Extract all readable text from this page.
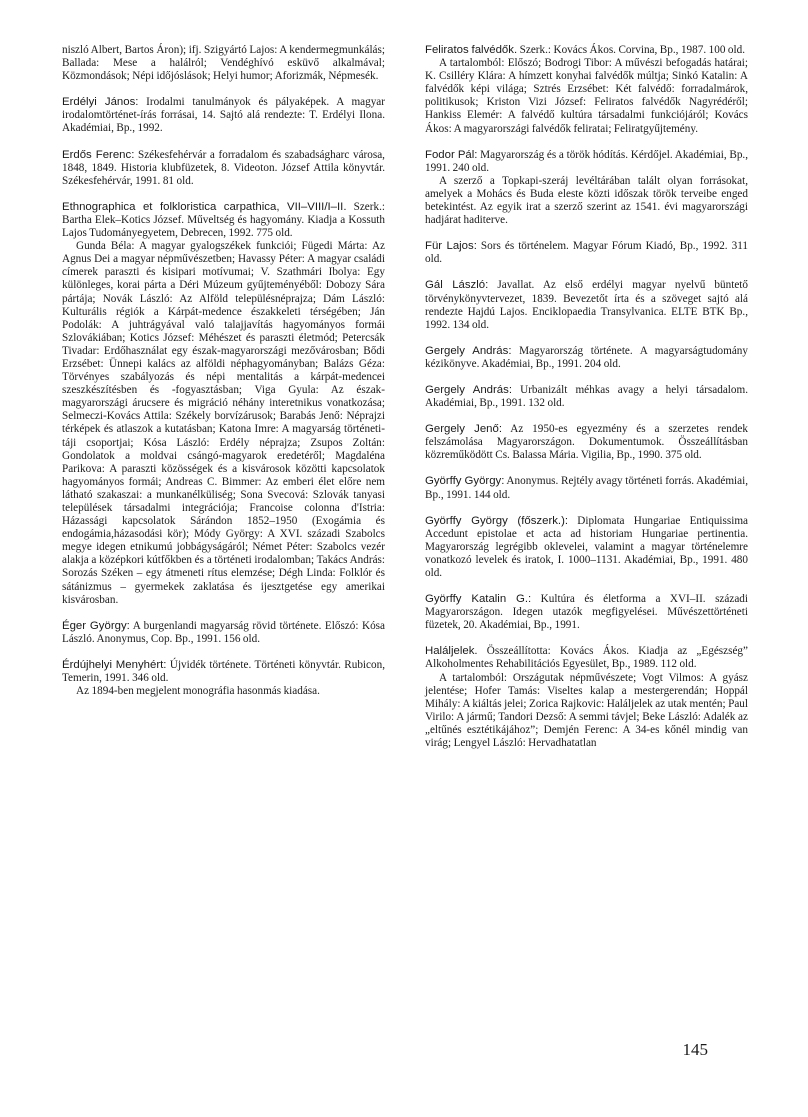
niszló Albert, Bartos Áron); ifj. Szigyártó Lajos: A kendermegmunkálás; Ballada: Mese a halálról; Vendéghívó esküvő alkalmával; Közmondások; Népi időjóslások; Helyi humor; Aforizmák, Népmesék.
Erdélyi János: Irodalmi tanulmányok és pályaképek. A magyar irodalomtörténet-írás forrásai, 14. Sajtó alá rendezte: T. Erdélyi Ilona. Akadémiai, Bp., 1992.
Erdős Ferenc: Székesfehérvár a forradalom és szabadságharc városa, 1848, 1849. Historia klubfüzetek, 8. Videoton. József Attila könyvtár. Székesfehérvár, 1991. 81 old.

Ethnographica et folkloristica carpathica, VII–VIII/I–II. Szerk.: Bartha Elek–Kotics József. Műveltség és hagyomány. Kiadja a Kossuth Lajos Tudományegyetem, Debrecen, 1992. 775 old.

Gunda Béla: A magyar gyalogszékek funkciói; Fügedi Márta: Az Agnus Dei a magyar népművészetben; Havassy Péter: A magyar családi címerek paraszti és kisipari motívumai; V. Szathmári Ibolya: Egy különleges, korai párta a Déri Múzeum gyűjteményéből: Dobozy Sára pártája; Novák László: Az Alföld településnéprajza; Dám László: Kulturális régiók a Kárpát-medence északkeleti térségében; Ján Podolák: A juhtrágyával való talajjavítás hagyományos formái Szlovákiában; Kotics József: Méhészet és paraszti életmód; Petercsák Tivadar: Erdőhasználat egy észak-magyarországi mezővárosban; Bődi Erzsébet: Ünnepi kalács az alföldi néphagyományban; Balázs Géza: Törvényes szabályozás és népi mentalitás a kárpát-medencei szeszkészítésben és -fogyasztásban; Viga Gyula: Az észak-magyarországi árucsere és migráció néhány interetnikus vonatkozása; Selmeczi-Kovács Attila: Székely borvízárusok; Barabás Jenő: Néprajzi térképek és atlaszok a kutatásban; Katona Imre: A magyarság történeti-táji csoportjai; Kósa László: Erdély néprajza; Zsupos Zoltán: Gondolatok a moldvai csángó-magyarok eredetéről; Magdaléna Parikova: A paraszti közösségek és a kisvárosok közötti kapcsolatok hagyományos formái; Andreas C. Bimmer: Az emberi élet előre nem látható szakaszai: a munkanélküliség; Sona Svecová: Szlovák tanyasi települések társadalmi integrációja; Francoise colonna d'Istria: Házassági kapcsolatok Sárándon 1852–1950 (Exogámia és endogámia,házasodási kör); Módy György: A XVI. századi Szabolcs megye idegen etnikumú jobbágyságáról; Német Péter: Szabolcs vezér alakja a középkori kútfőkben és a történeti irodalomban; Takács András: Sorozás Széken – egy átmeneti rítus elemzése; Dégh Linda: Folklór és sátánizmus – gyermekek zaklatása és ijesztgetése egy amerikai kisvárosban.

Éger György: A burgenlandi magyarság rövid története. Előszó: Kósa László. Anonymus, Cop. Bp., 1991. 156 old.

Érdújhelyi Menyhért: Újvidék története. Történeti könyvtár. Rubicon, Temerin, 1991. 346 old.

Az 1894-ben megjelent monográfia hasonmás kiadása.

Feliratos falvédők. Szerk.: Kovács Ákos. Corvina, Bp., 1987. 100 old.

A tartalomból: Előszó; Bodrogi Tibor: A művészi befogadás határai; K. Csilléry Klára: A hímzett konyhai falvédők múltja; Sinkó Katalin: A falvédők képi világa; Sztrés Erzsébet: Két falvédő: forradalmárok, politikusok; Kriston Vizi József: Feliratos falvédők Nagyrédéről; Hankiss Elemér: A falvédő kultúra társadalmi funkciójáról; Kovács Ákos: A magyarországi falvédők feliratai; Feliratgyűjtemény.

Fodor Pál: Magyarország és a török hódítás. Kérdőjel. Akadémiai, Bp., 1991. 240 old.

A szerző a Topkapi-szeráj levéltárában talált olyan forrásokat, amelyek a Mohács és Buda eleste közti időszak török terveibe enged betekintést. Az egyik irat a szerző szerint az 1541. évi magyarországi hadjárat haditerve.

Für Lajos: Sors és történelem. Magyar Fórum Kiadó, Bp., 1992. 311 old.
Gál László: Javallat. Az első erdélyi magyar nyelvű büntető törvénykönyvtervezet, 1839. Bevezetőt írta és a szöveget sajtó alá rendezte Hajdú Lajos. Enciklopaedia Transylvanica. ELTE BTK Bp., 1992. 134 old.
Gergely András: Magyarország története. A magyarságtudomány kézikönyve. Akadémiai, Bp., 1991. 204 old.
Gergely András: Urbanizált méhkas avagy a helyi társadalom. Akadémiai, Bp., 1991. 132 old.
Gergely Jenő: Az 1950-es egyezmény és a szerzetes rendek felszámolása Magyarországon. Dokumentumok. Összeállításban közreműködött Cs. Balassa Mária. Vigilia, Bp., 1990. 375 old.
Györffy György: Anonymus. Rejtély avagy történeti forrás. Akadémiai, Bp., 1991. 144 old.
Györffy György (főszerk.): Diplomata Hungariae Entiquissima Accedunt epistolae et acta ad historiam Hungariae pertinentia. Magyarország legrégibb oklevelei, valamint a magyar történelemre vonatkozó levelek és iratok, I. 1000–1131. Akadémiai, Bp., 1991. 480 old.
Györffy Katalin G.: Kultúra és életforma a XVI–II. századi Magyarországon. Idegen utazók megfigyelései. Művészettörténeti füzetek, 20. Akadémiai, Bp., 1991.

Haláljelek. Összeállította: Kovács Ákos. Kiadja az „Egészség” Alkoholmentes Rehabilitációs Egyesület, Bp., 1989. 112 old.

A tartalomból: Országutak népművészete; Vogt Vilmos: A gyász jelentése; Hofer Tamás: Viseltes kalap a mestergerendán; Hoppál Mihály: A kiáltás jelei; Zorica Rajkovic: Haláljelek az utak mentén; Paul Virilo: A jármű; Tandori Dezső: A semmi távjel; Beke László: Adalék az „eltűnés esztétikájához”; Demjén Ferenc: A 34-es kőnél mindig van virág; Lengyel László: Hervadhatatlan

145
